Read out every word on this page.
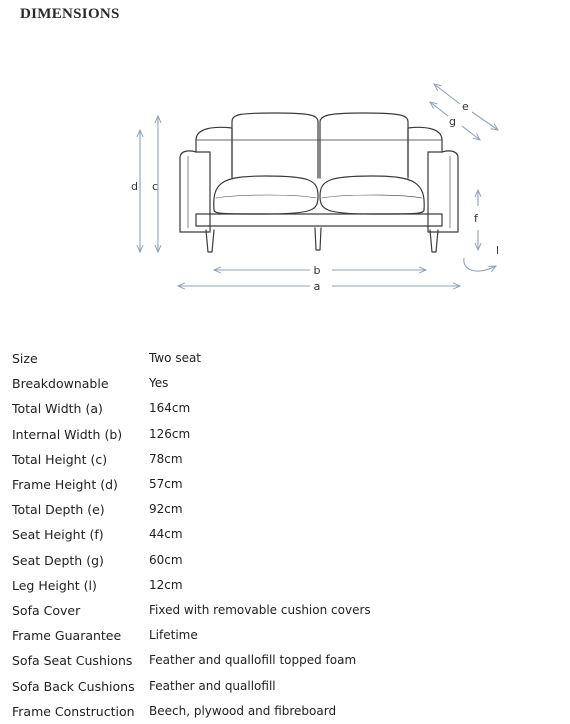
DIMENSIONS
d c
b
a
f
e
g
l
Size	Two seat
Breakdownable	Yes
Total Width (a)	164cm
Internal Width (b)	126cm
Total Height (c)	78cm
Frame Height (d)	57cm
Total Depth (e)	92cm
Seat Height (f)	44cm
Seat Depth (g)	60cm
Leg Height (l)	12cm
Sofa Cover	Fixed with removable cushion covers
Frame Guarantee	Lifetime
Sofa Seat Cushions	Feather and quallofill topped foam
Sofa Back Cushions	Feather and quallofill
Frame Construction	Beech, plywood and fibreboard
